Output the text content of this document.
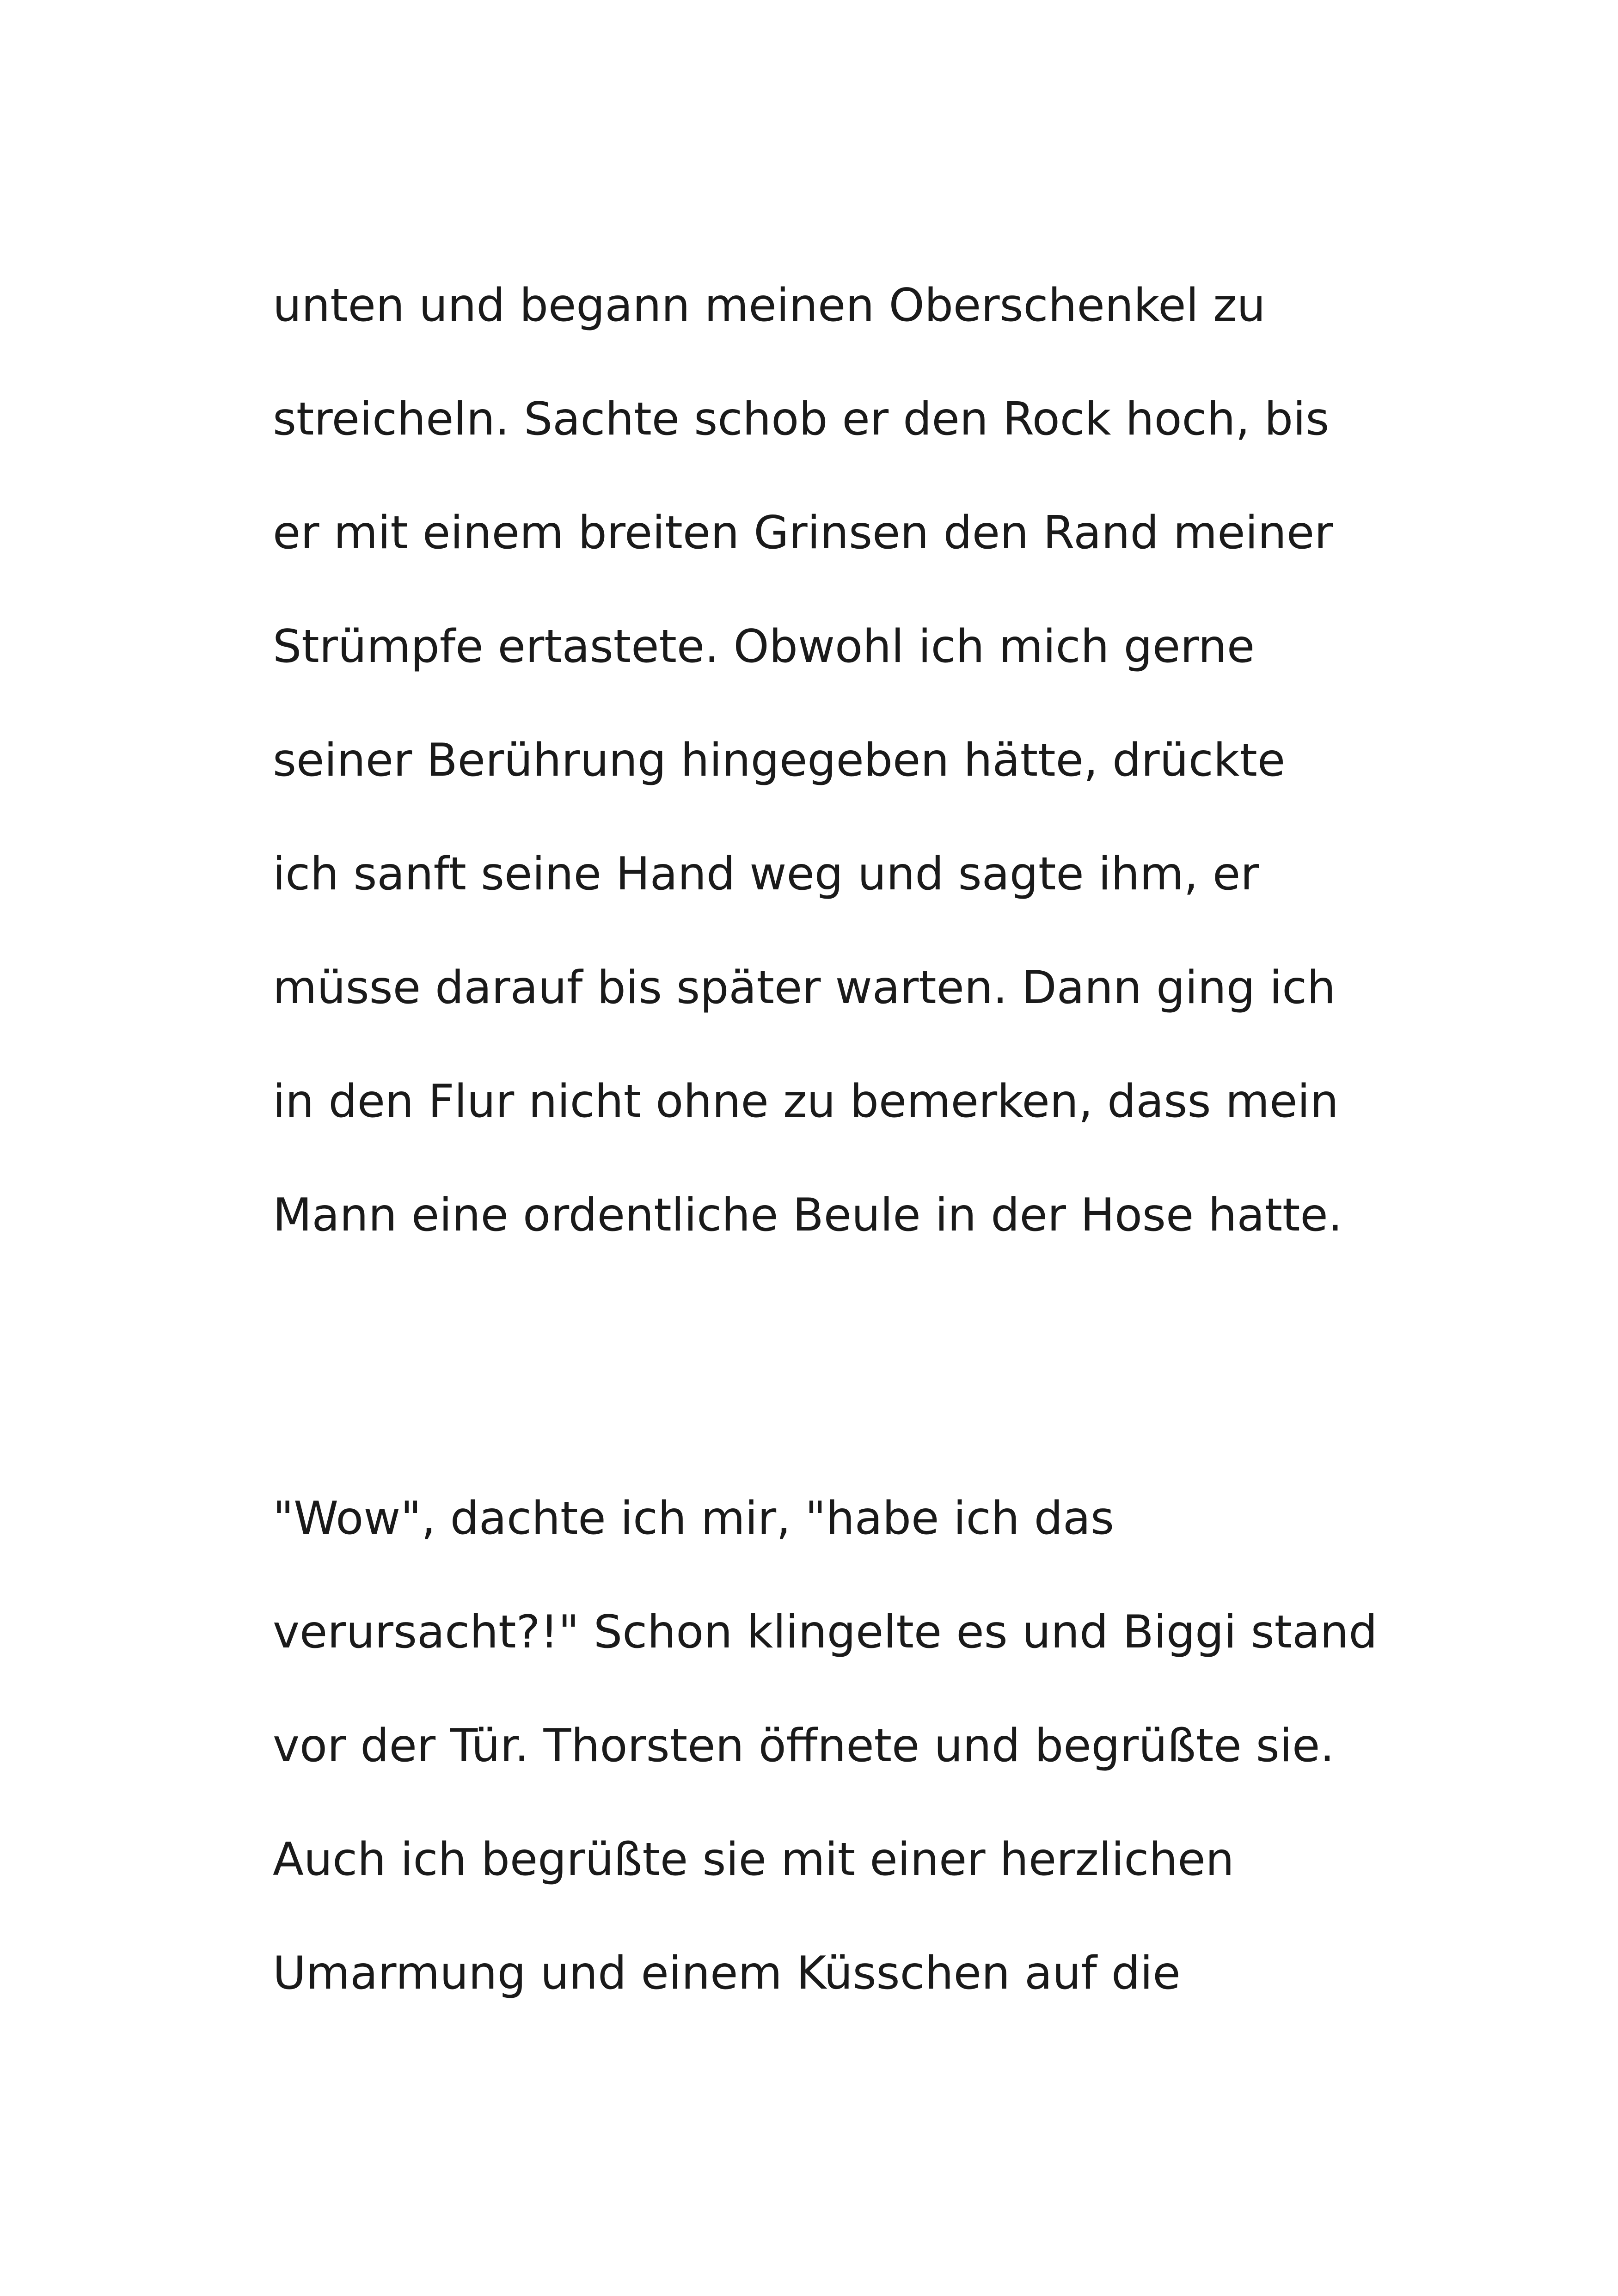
unten und begann meinen Oberschenkel zu
streicheln. Sachte schob er den Rock hoch, bis
er mit einem breiten Grinsen den Rand meiner
Strümpfe ertastete. Obwohl ich mich gerne
seiner Berührung hingegeben hätte, drückte
ich sanft seine Hand weg und sagte ihm, er
müsse darauf bis später warten. Dann ging ich
in den Flur nicht ohne zu bemerken, dass mein
Mann eine ordentliche Beule in der Hose hatte.
"Wow", dachte ich mir, "habe ich das
verursacht?!" Schon klingelte es und Biggi stand
vor der Tür. Thorsten öffnete und begrüßte sie.
Auch ich begrüßte sie mit einer herzlichen
Umarmung und einem Küsschen auf die
